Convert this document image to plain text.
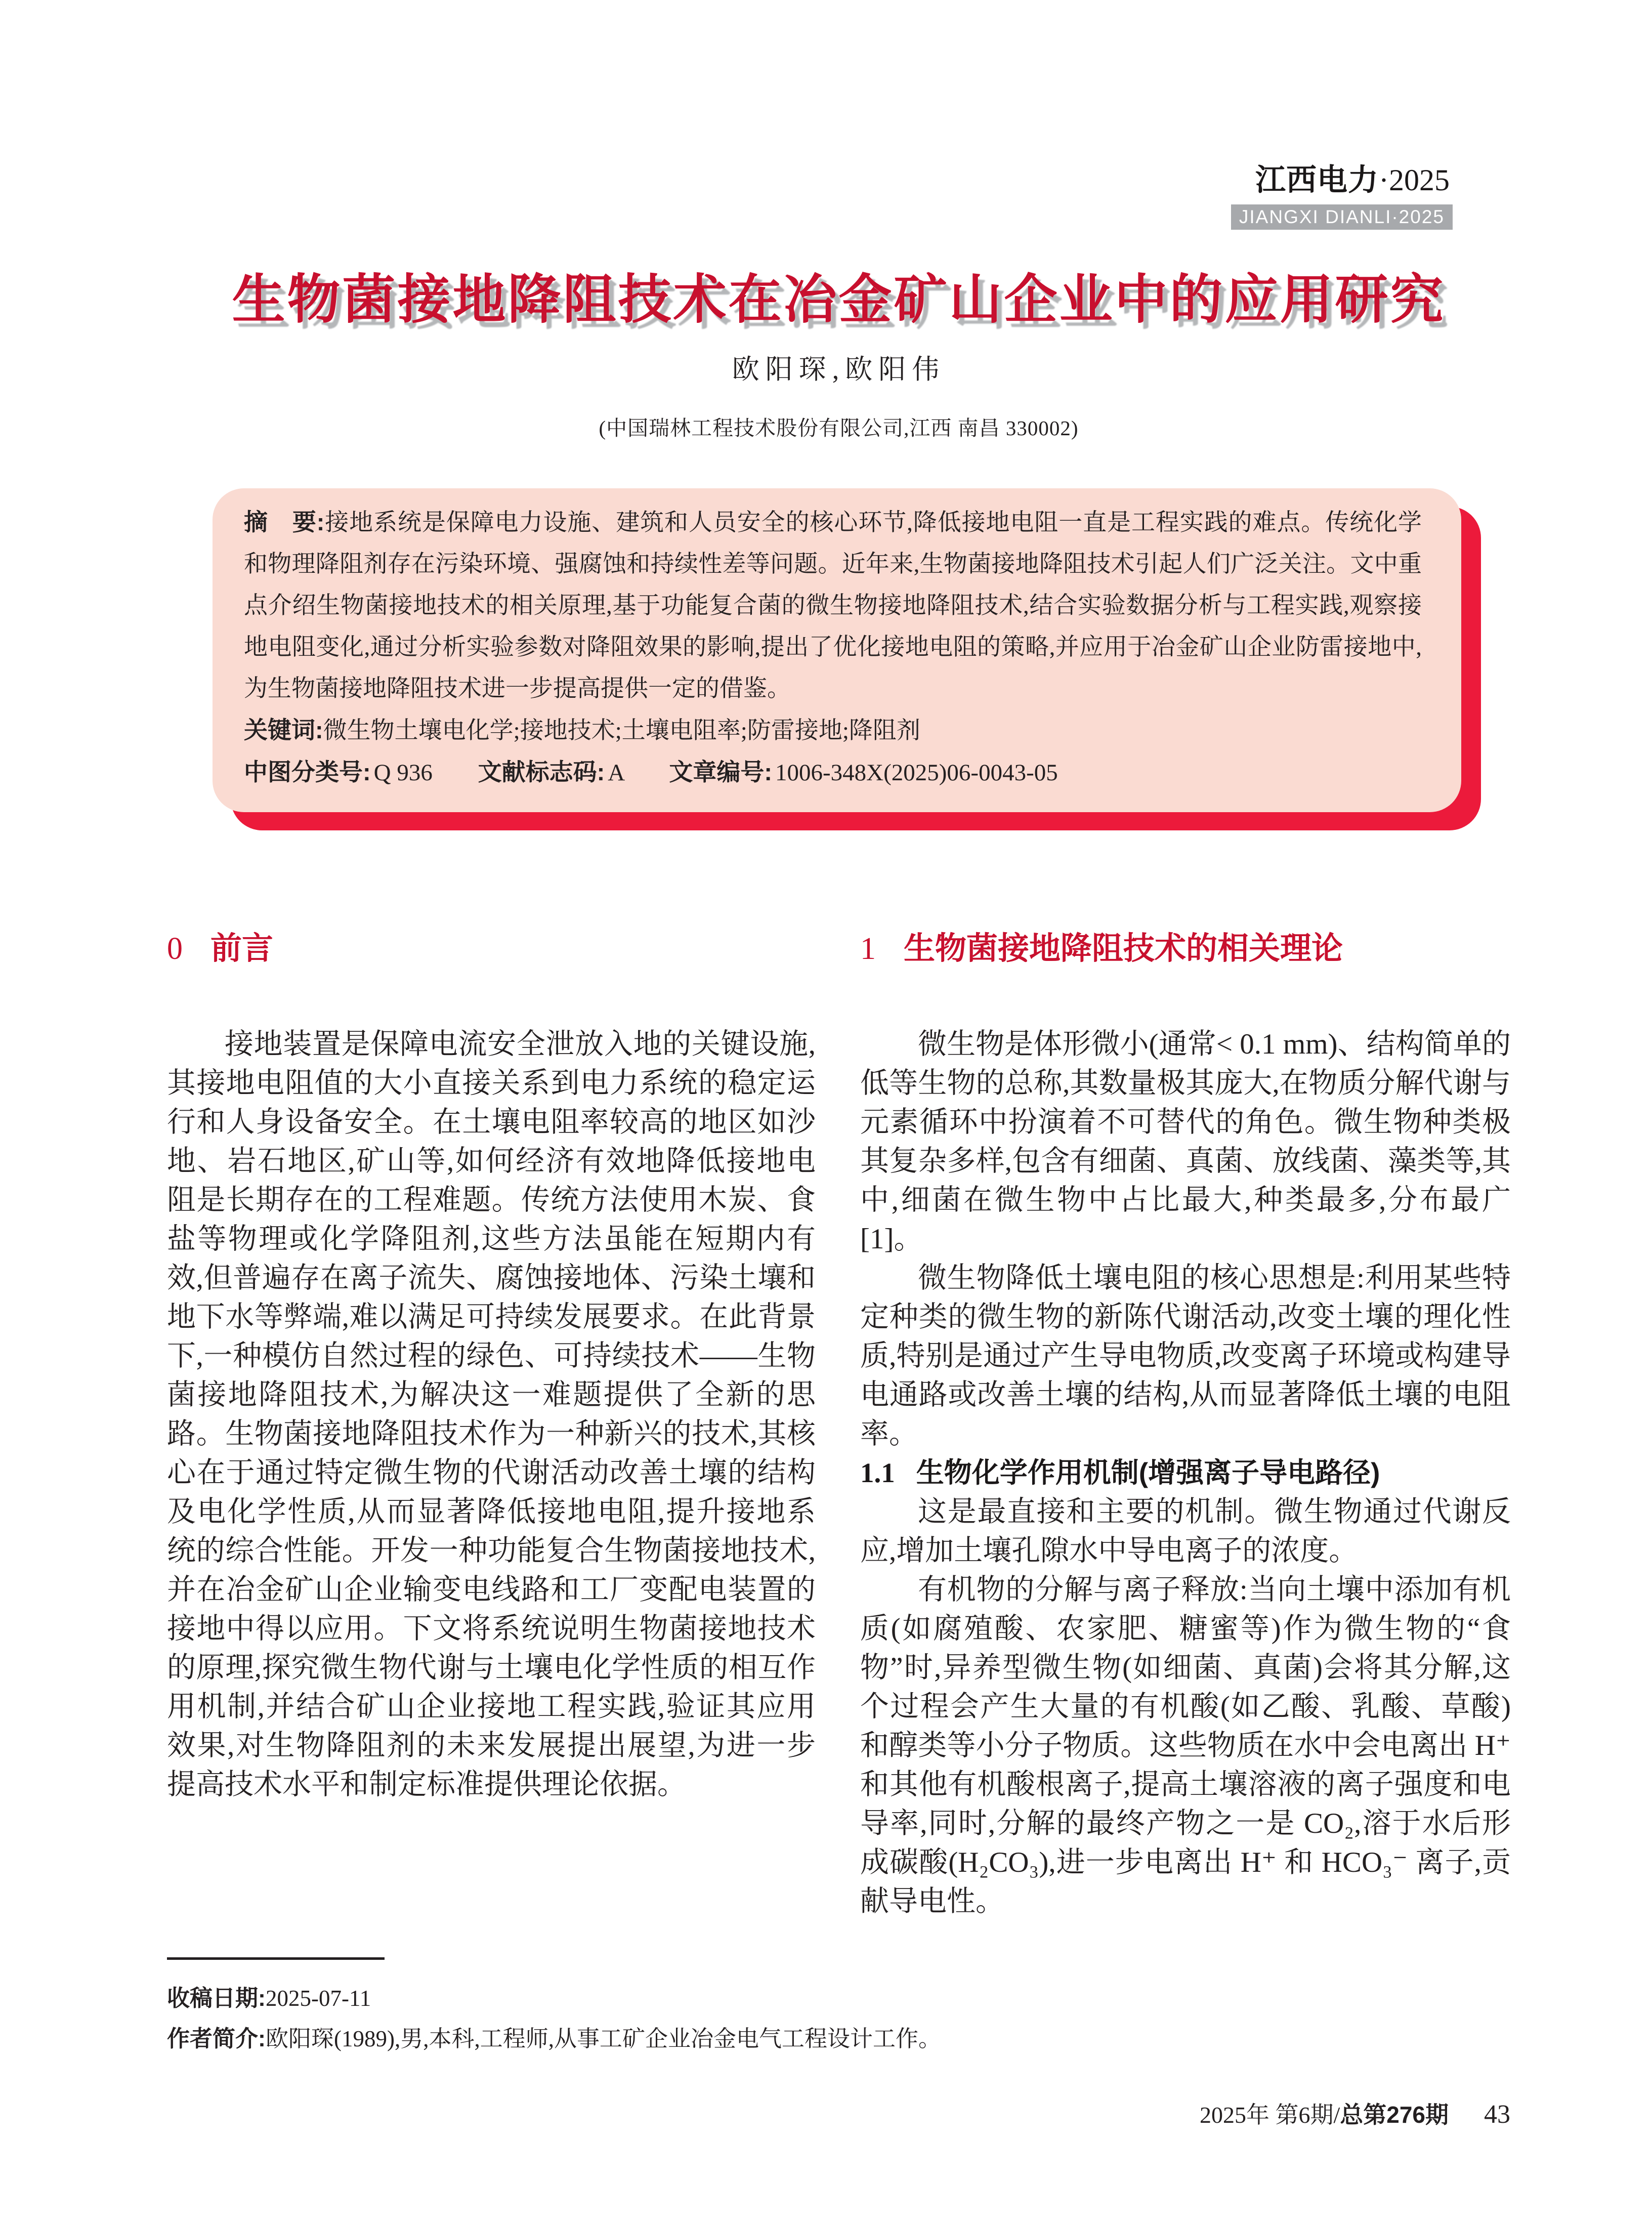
江西电力·2025
JIANGXI DIANLI·2025
生物菌接地降阻技术在冶金矿山企业中的应用研究
欧阳琛,欧阳伟
(中国瑞林工程技术股份有限公司,江西 南昌 330002)
摘　要:接地系统是保障电力设施、建筑和人员安全的核心环节,降低接地电阻一直是工程实践的难点。传统化学和物理降阻剂存在污染环境、强腐蚀和持续性差等问题。近年来,生物菌接地降阻技术引起人们广泛关注。文中重点介绍生物菌接地技术的相关原理,基于功能复合菌的微生物接地降阻技术,结合实验数据分析与工程实践,观察接地电阻变化,通过分析实验参数对降阻效果的影响,提出了优化接地电阻的策略,并应用于冶金矿山企业防雷接地中,为生物菌接地降阻技术进一步提高提供一定的借鉴。
关键词:微生物土壤电化学;接地技术;土壤电阻率;防雷接地;降阻剂
中图分类号: Q 936 文献标志码: A 文章编号: 1006-348X(2025)06-0043-05
0 前言

接地装置是保障电流安全泄放入地的关键设施,其接地电阻值的大小直接关系到电力系统的稳定运行和人身设备安全。在土壤电阻率较高的地区如沙地、岩石地区,矿山等,如何经济有效地降低接地电阻是长期存在的工程难题。传统方法使用木炭、食盐等物理或化学降阻剂,这些方法虽能在短期内有效,但普遍存在离子流失、腐蚀接地体、污染土壤和地下水等弊端,难以满足可持续发展要求。在此背景下,一种模仿自然过程的绿色、可持续技术——生物菌接地降阻技术,为解决这一难题提供了全新的思路。生物菌接地降阻技术作为一种新兴的技术,其核心在于通过特定微生物的代谢活动改善土壤的结构及电化学性质,从而显著降低接地电阻,提升接地系统的综合性能。开发一种功能复合生物菌接地技术,并在冶金矿山企业输变电线路和工厂变配电装置的接地中得以应用。下文将系统说明生物菌接地技术的原理,探究微生物代谢与土壤电化学性质的相互作用机制,并结合矿山企业接地工程实践,验证其应用效果,对生物降阻剂的未来发展提出展望,为进一步提高技术水平和制定标准提供理论依据。

1 生物菌接地降阻技术的相关理论

微生物是体形微小(通常< 0.1 mm)、结构简单的低等生物的总称,其数量极其庞大,在物质分解代谢与元素循环中扮演着不可替代的角色。微生物种类极其复杂多样,包含有细菌、真菌、放线菌、藻类等,其中,细菌在微生物中占比最大,种类最多,分布最广[1]。

微生物降低土壤电阻的核心思想是:利用某些特定种类的微生物的新陈代谢活动,改变土壤的理化性质,特别是通过产生导电物质,改变离子环境或构建导电通路或改善土壤的结构,从而显著降低土壤的电阻率。

1.1 生物化学作用机制(增强离子导电路径)

这是最直接和主要的机制。微生物通过代谢反应,增加土壤孔隙水中导电离子的浓度。

有机物的分解与离子释放:当向土壤中添加有机质(如腐殖酸、农家肥、糖蜜等)作为微生物的“食物”时,异养型微生物(如细菌、真菌)会将其分解,这个过程会产生大量的有机酸(如乙酸、乳酸、草酸)和醇类等小分子物质。这些物质在水中会电离出 H⁺ 和其他有机酸根离子,提高土壤溶液的离子强度和电导率,同时,分解的最终产物之一是 CO₂,溶于水后形成碳酸(H₂CO₃),进一步电离出 H⁺ 和 HCO₃⁻ 离子,贡献导电性。

收稿日期:2025-07-11
作者简介:欧阳琛(1989),男,本科,工程师,从事工矿企业冶金电气工程设计工作。
2025年 第6期/总第276期 43
